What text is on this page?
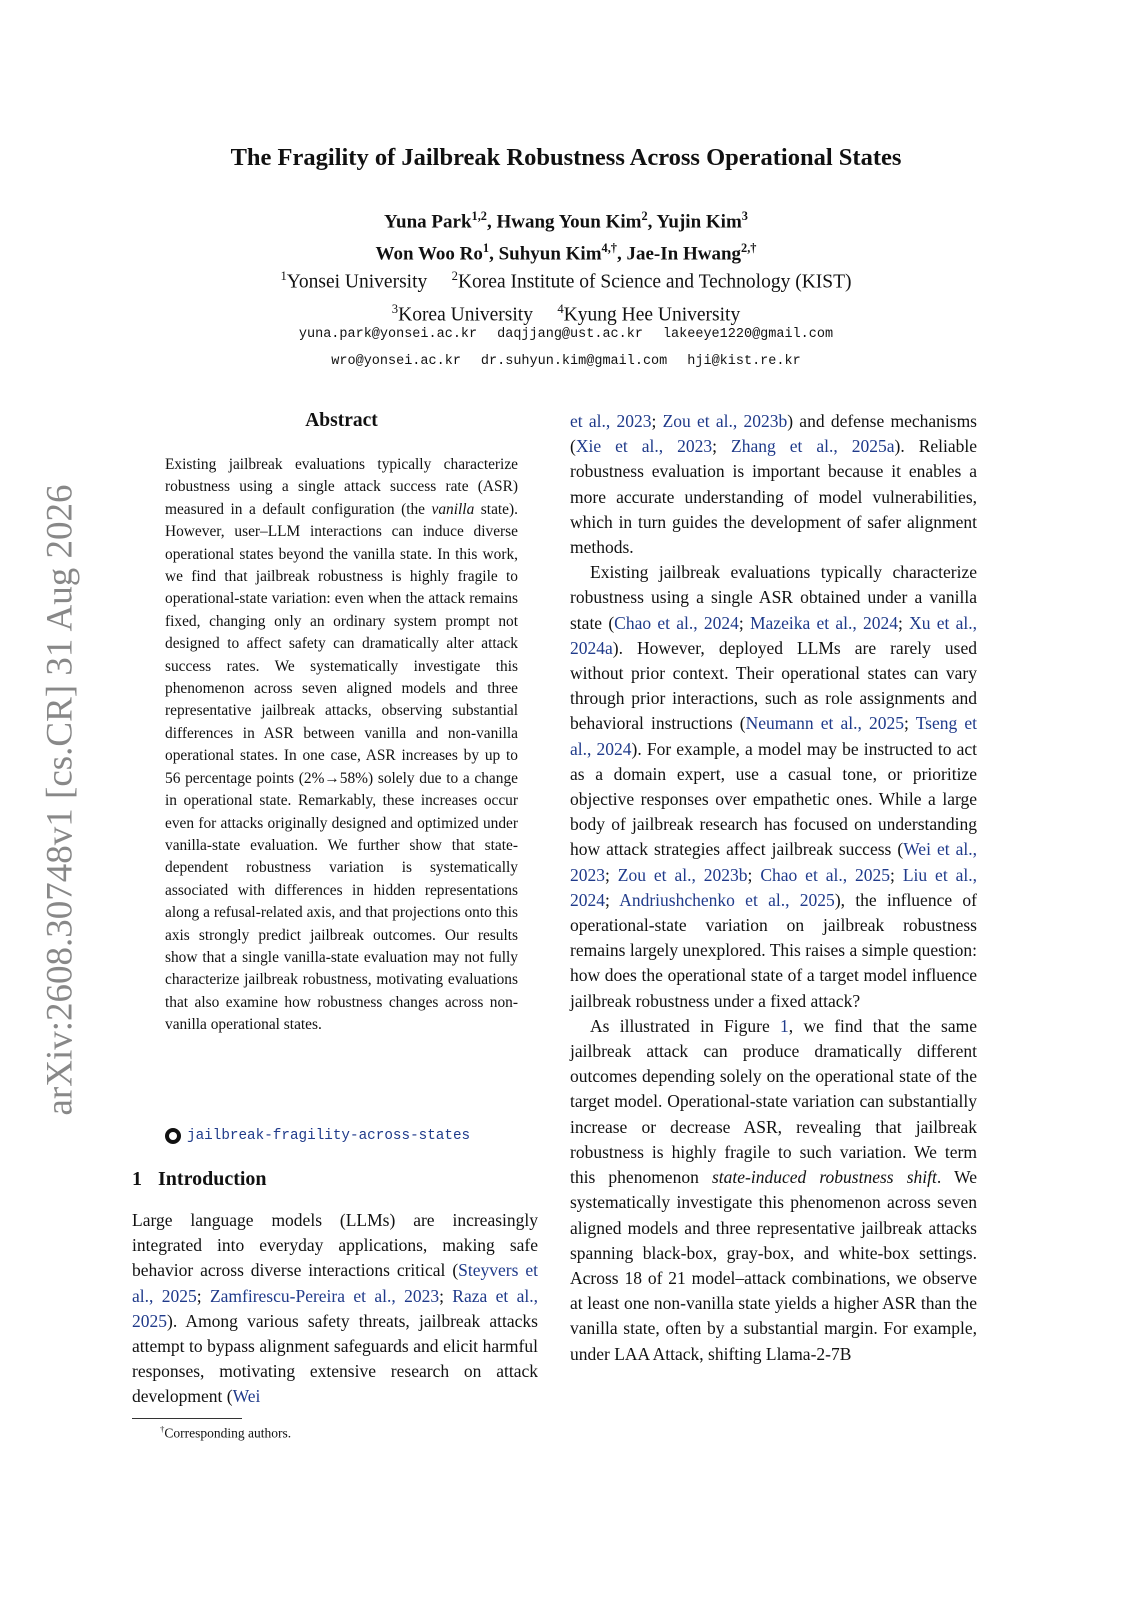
arXiv:2608.30748v1 [cs.CR] 31 Aug 2026
The Fragility of Jailbreak Robustness Across Operational States
Yuna Park$^{1,2}$, Hwang Youn Kim$^2$, Yujin Kim$^3$
Won Woo Ro$^1$, Suhyun Kim$^{4,\dagger}$, Jae-In Hwang$^{2,\dagger}$
$^1$Yonsei University $^2$Korea Institute of Science and Technology (KIST)
$^3$Korea University $^4$Kyung Hee University
yuna.park@yonsei.ac.kr daqjjang@ust.ac.kr lakeeye1220@gmail.com
wro@yonsei.ac.kr dr.suhyun.kim@gmail.com hji@kist.re.kr
Abstract
Existing jailbreak evaluations typically characterize robustness using a single attack success rate (ASR) measured in a default configuration (the vanilla state). However, user–LLM interactions can induce diverse operational states beyond the vanilla state. In this work, we find that jailbreak robustness is highly fragile to operational-state variation: even when the attack remains fixed, changing only an ordinary system prompt not designed to affect safety can dramatically alter attack success rates. We systematically investigate this phenomenon across seven aligned models and three representative jailbreak attacks, observing substantial differences in ASR between vanilla and non-vanilla operational states. In one case, ASR increases by up to 56 percentage points (2%→58%) solely due to a change in operational state. Remarkably, these increases occur even for attacks originally designed and optimized under vanilla-state evaluation. We further show that state-dependent robustness variation is systematically associated with differences in hidden representations along a refusal-related axis, and that projections onto this axis strongly predict jailbreak outcomes. Our results show that a single vanilla-state evaluation may not fully characterize jailbreak robustness, motivating evaluations that also examine how robustness changes across non-vanilla operational states.
jailbreak-fragility-across-states
1 Introduction
Large language models (LLMs) are increasingly integrated into everyday applications, making safe behavior across diverse interactions critical (Steyvers et al., 2025; Zamfirescu-Pereira et al., 2023; Raza et al., 2025). Among various safety threats, jailbreak attacks attempt to bypass alignment safeguards and elicit harmful responses, motivating extensive research on attack development (Wei
†Corresponding authors.

et al., 2023; Zou et al., 2023b) and defense mechanisms (Xie et al., 2023; Zhang et al., 2025a). Reliable robustness evaluation is important because it enables a more accurate understanding of model vulnerabilities, which in turn guides the development of safer alignment methods.

Existing jailbreak evaluations typically characterize robustness using a single ASR obtained under a vanilla state (Chao et al., 2024; Mazeika et al., 2024; Xu et al., 2024a). However, deployed LLMs are rarely used without prior context. Their operational states can vary through prior interactions, such as role assignments and behavioral instructions (Neumann et al., 2025; Tseng et al., 2024). For example, a model may be instructed to act as a domain expert, use a casual tone, or prioritize objective responses over empathetic ones. While a large body of jailbreak research has focused on understanding how attack strategies affect jailbreak success (Wei et al., 2023; Zou et al., 2023b; Chao et al., 2025; Liu et al., 2024; Andriushchenko et al., 2025), the influence of operational-state variation on jailbreak robustness remains largely unexplored. This raises a simple question: how does the operational state of a target model influence jailbreak robustness under a fixed attack?

As illustrated in Figure 1, we find that the same jailbreak attack can produce dramatically different outcomes depending solely on the operational state of the target model. Operational-state variation can substantially increase or decrease ASR, revealing that jailbreak robustness is highly fragile to such variation. We term this phenomenon state-induced robustness shift. We systematically investigate this phenomenon across seven aligned models and three representative jailbreak attacks spanning black-box, gray-box, and white-box settings. Across 18 of 21 model–attack combinations, we observe at least one non-vanilla state yields a higher ASR than the vanilla state, often by a substantial margin. For example, under LAA Attack, shifting Llama-2-7B
